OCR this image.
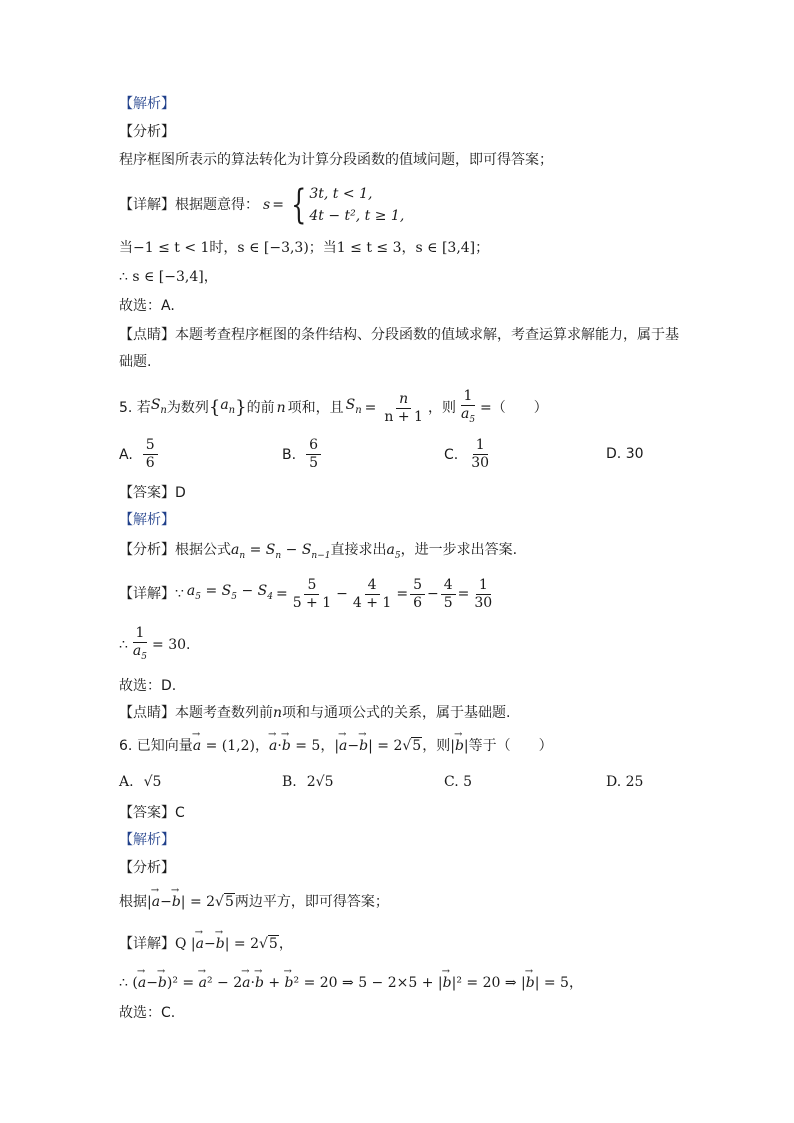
【解析】
【分析】
程序框图所表示的算法转化为计算分段函数的值域问题，即可得答案；
【详解】 根据题意得： s = { 3t, t < 1,
4t − t², t ≥ 1,
当−1 ≤ t < 1时，s ∈ [−3,3)；当1 ≤ t ≤ 3，s ∈ [3,4]；
∴ s ∈ [−3,4]，
故选：A.
【点睛】本题考查程序框图的条件结构、分段函数的值域求解，考查运算求解能力，属于基
础题.
5. 若 $S_n$ 为数列 { $a_n$ } 的前 n 项和，且 $S_n = \frac{n}{n + 1}$ ，则 $\frac{1}{a_5}$ =（　　）
A. $\frac{5}{6}$	B. $\frac{6}{5}$	C. $\frac{1}{30}$	D. 30
【答案】D
【解析】
【分析】根据公式$a_n = S_n - S_{n-1}$直接求出$a_5$，进一步求出答案.
【详解】 ∵ $a_5 = S_5 - S_4 = \frac{5}{5 + 1} - \frac{4}{4 + 1} = \frac{5}{6} - \frac{4}{5} = \frac{1}{30}$
∴ $\frac{1}{a_5} = 30$ .
故选：D.
【点睛】本题考查数列前n项和与通项公式的关系，属于基础题.
6. 已知向量→ a = (1,2)，→ a·→ b = 5，|→ a−→ b| = 2√5，则|→ b|等于（　　）
A. √5	B. 2√5	C. 5	D. 25
【答案】C
【解析】
【分析】
根据|→ a−→ b| = 2√5两边平方，即可得答案；
【详解】Q |→ a−→ b| = 2√5，
∴ (→ a−→ b)² = → a² − 2→ a·→ b + → b² = 20 ⇒ 5 − 2×5 + |→ b|² = 20 ⇒ |→ b| = 5，
故选：C.
